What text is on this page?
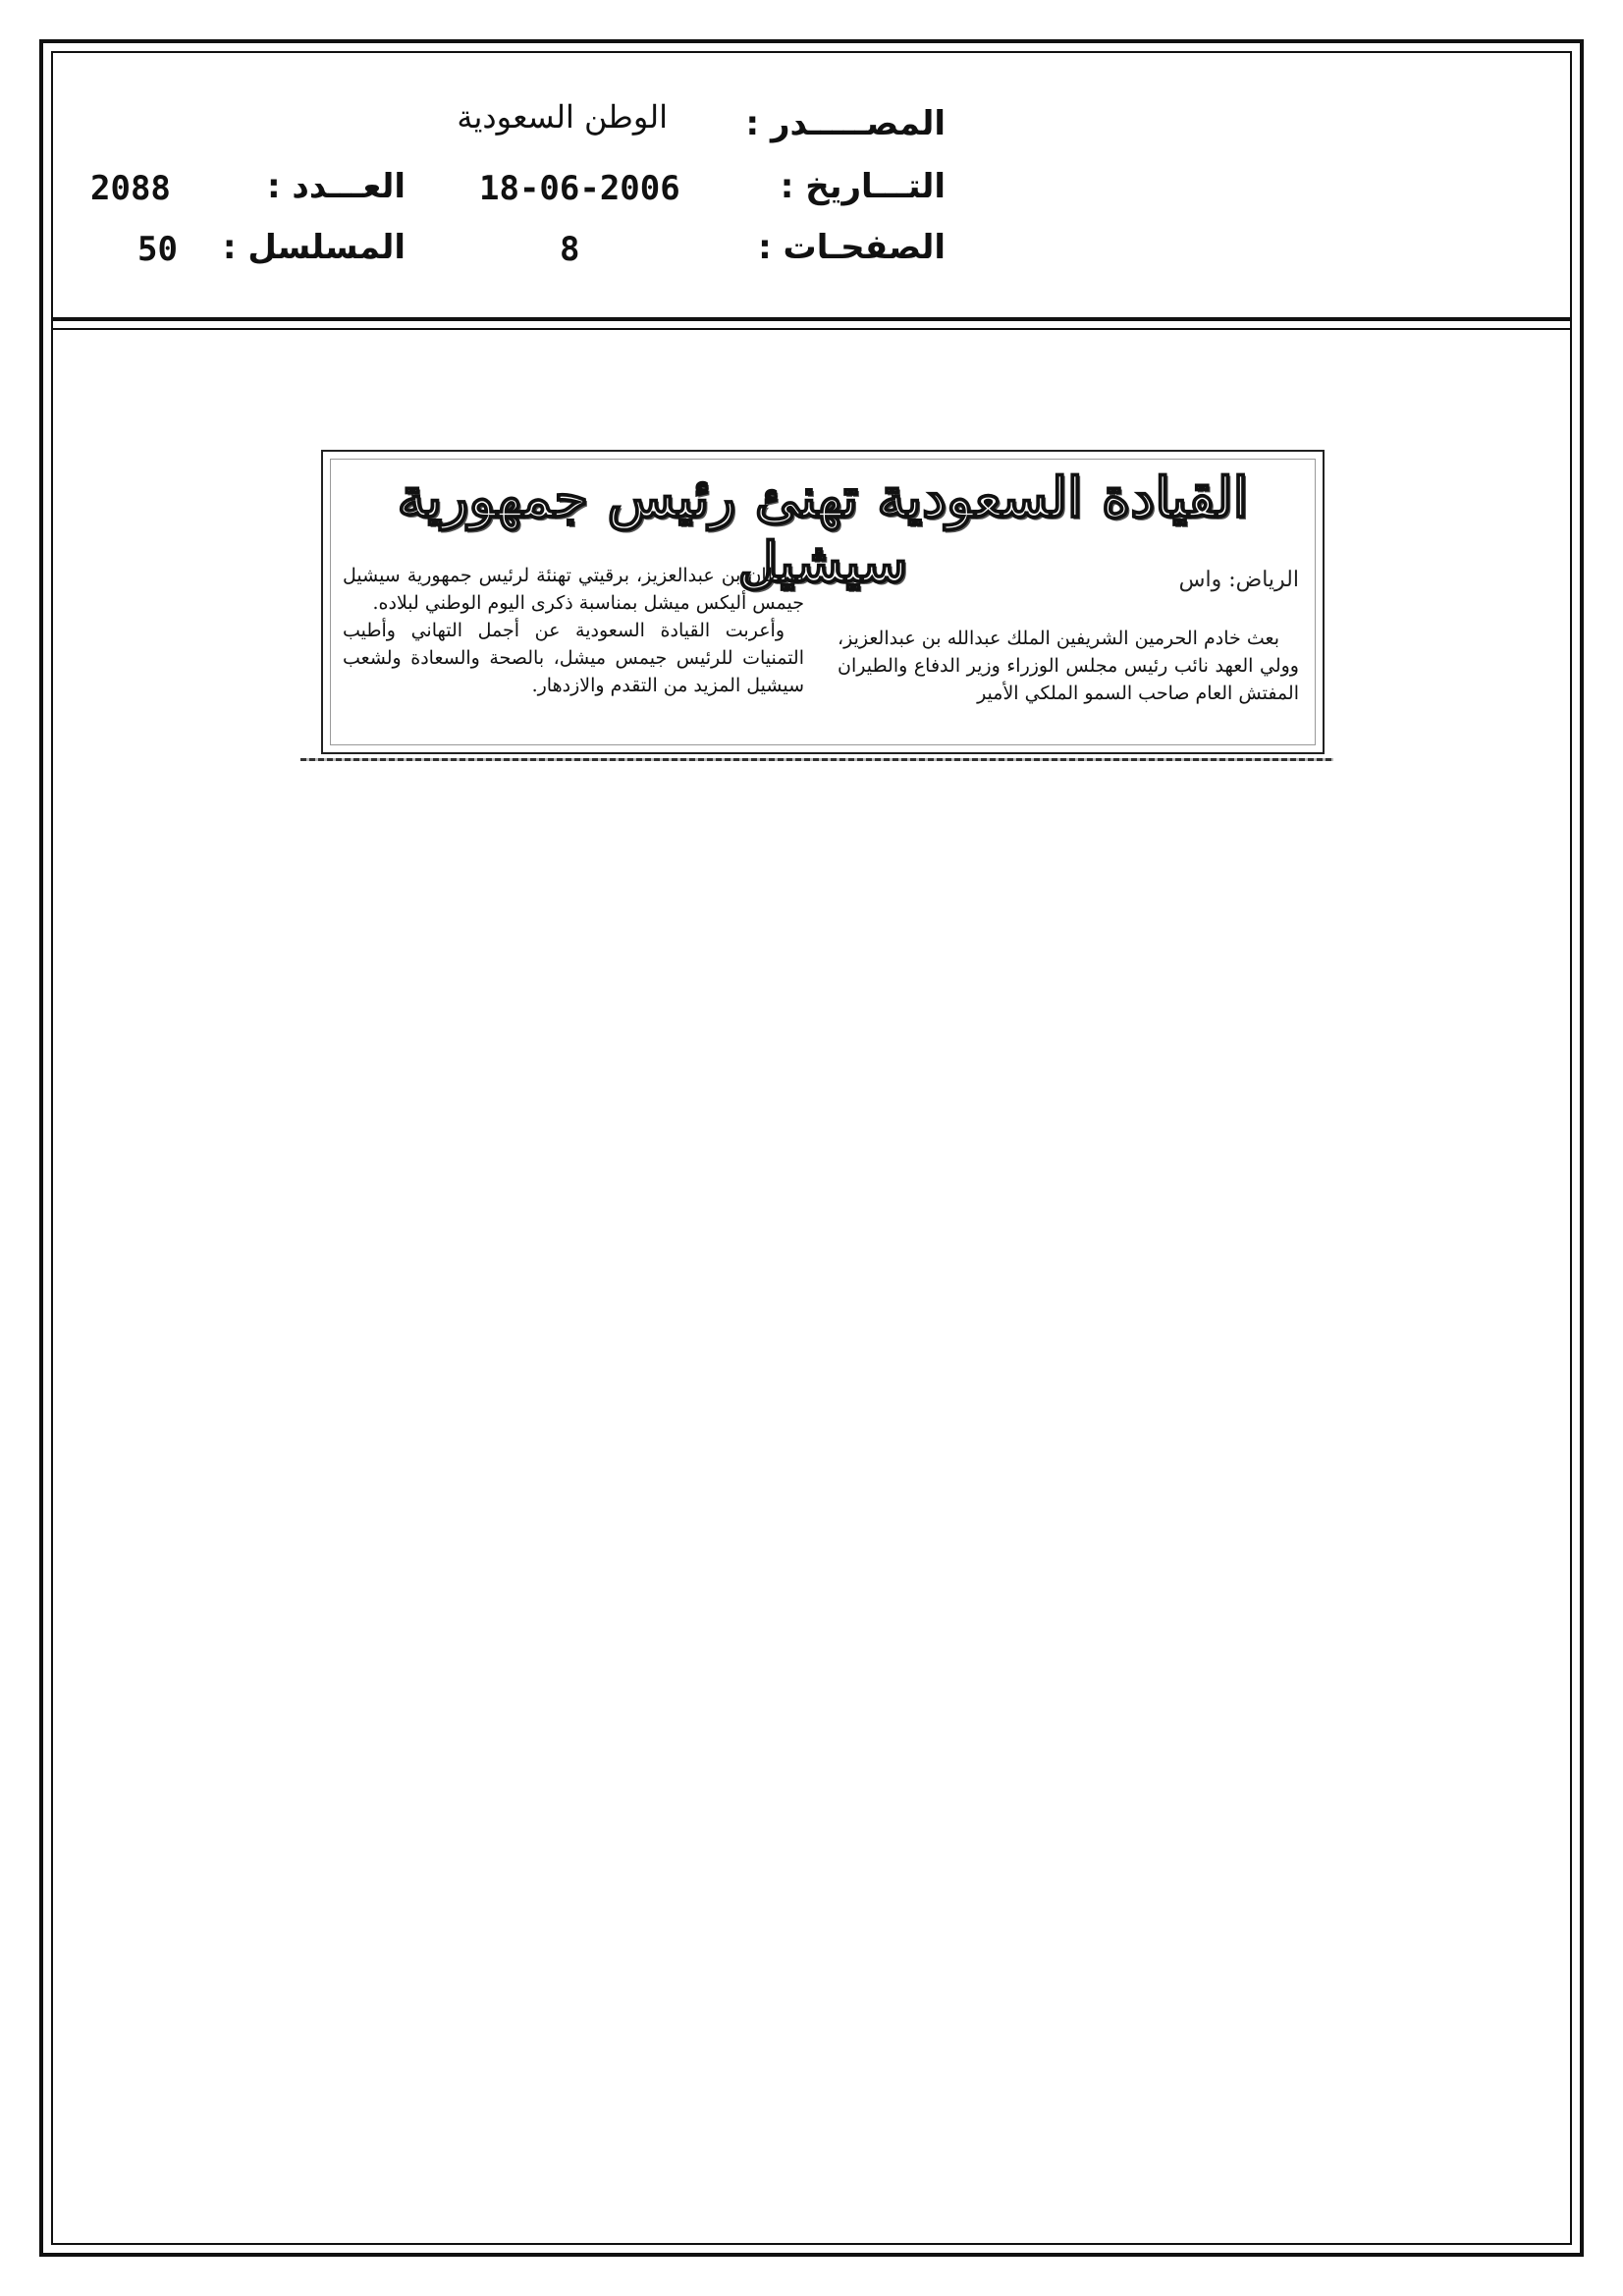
المصـــــدر :
الوطن السعودية
التـــاريخ :
18-06-2006
العـــدد :
2088
الصفحـات :
8
المسلسل :
50
القيادة السعودية تهنئ رئيس جمهورية سيشيل	الرياض: واس

بعث خادم الحرمين الشريفين الملك عبدالله بن عبدالعزيز، وولي العهد نائب رئيس مجلس الوزراء وزير الدفاع والطيران المفتش العام صاحب السمو الملكي الأمير

سلطان بن عبدالعزيز، برقيتي تهنئة لرئيس جمهورية سيشيل جيمس أليكس ميشل بمناسبة ذكرى اليوم الوطني لبلاده.

وأعربت القيادة السعودية عن أجمل التهاني وأطيب التمنيات للرئيس جيمس ميشل، بالصحة والسعادة ولشعب سيشيل المزيد من التقدم والازدهار.
